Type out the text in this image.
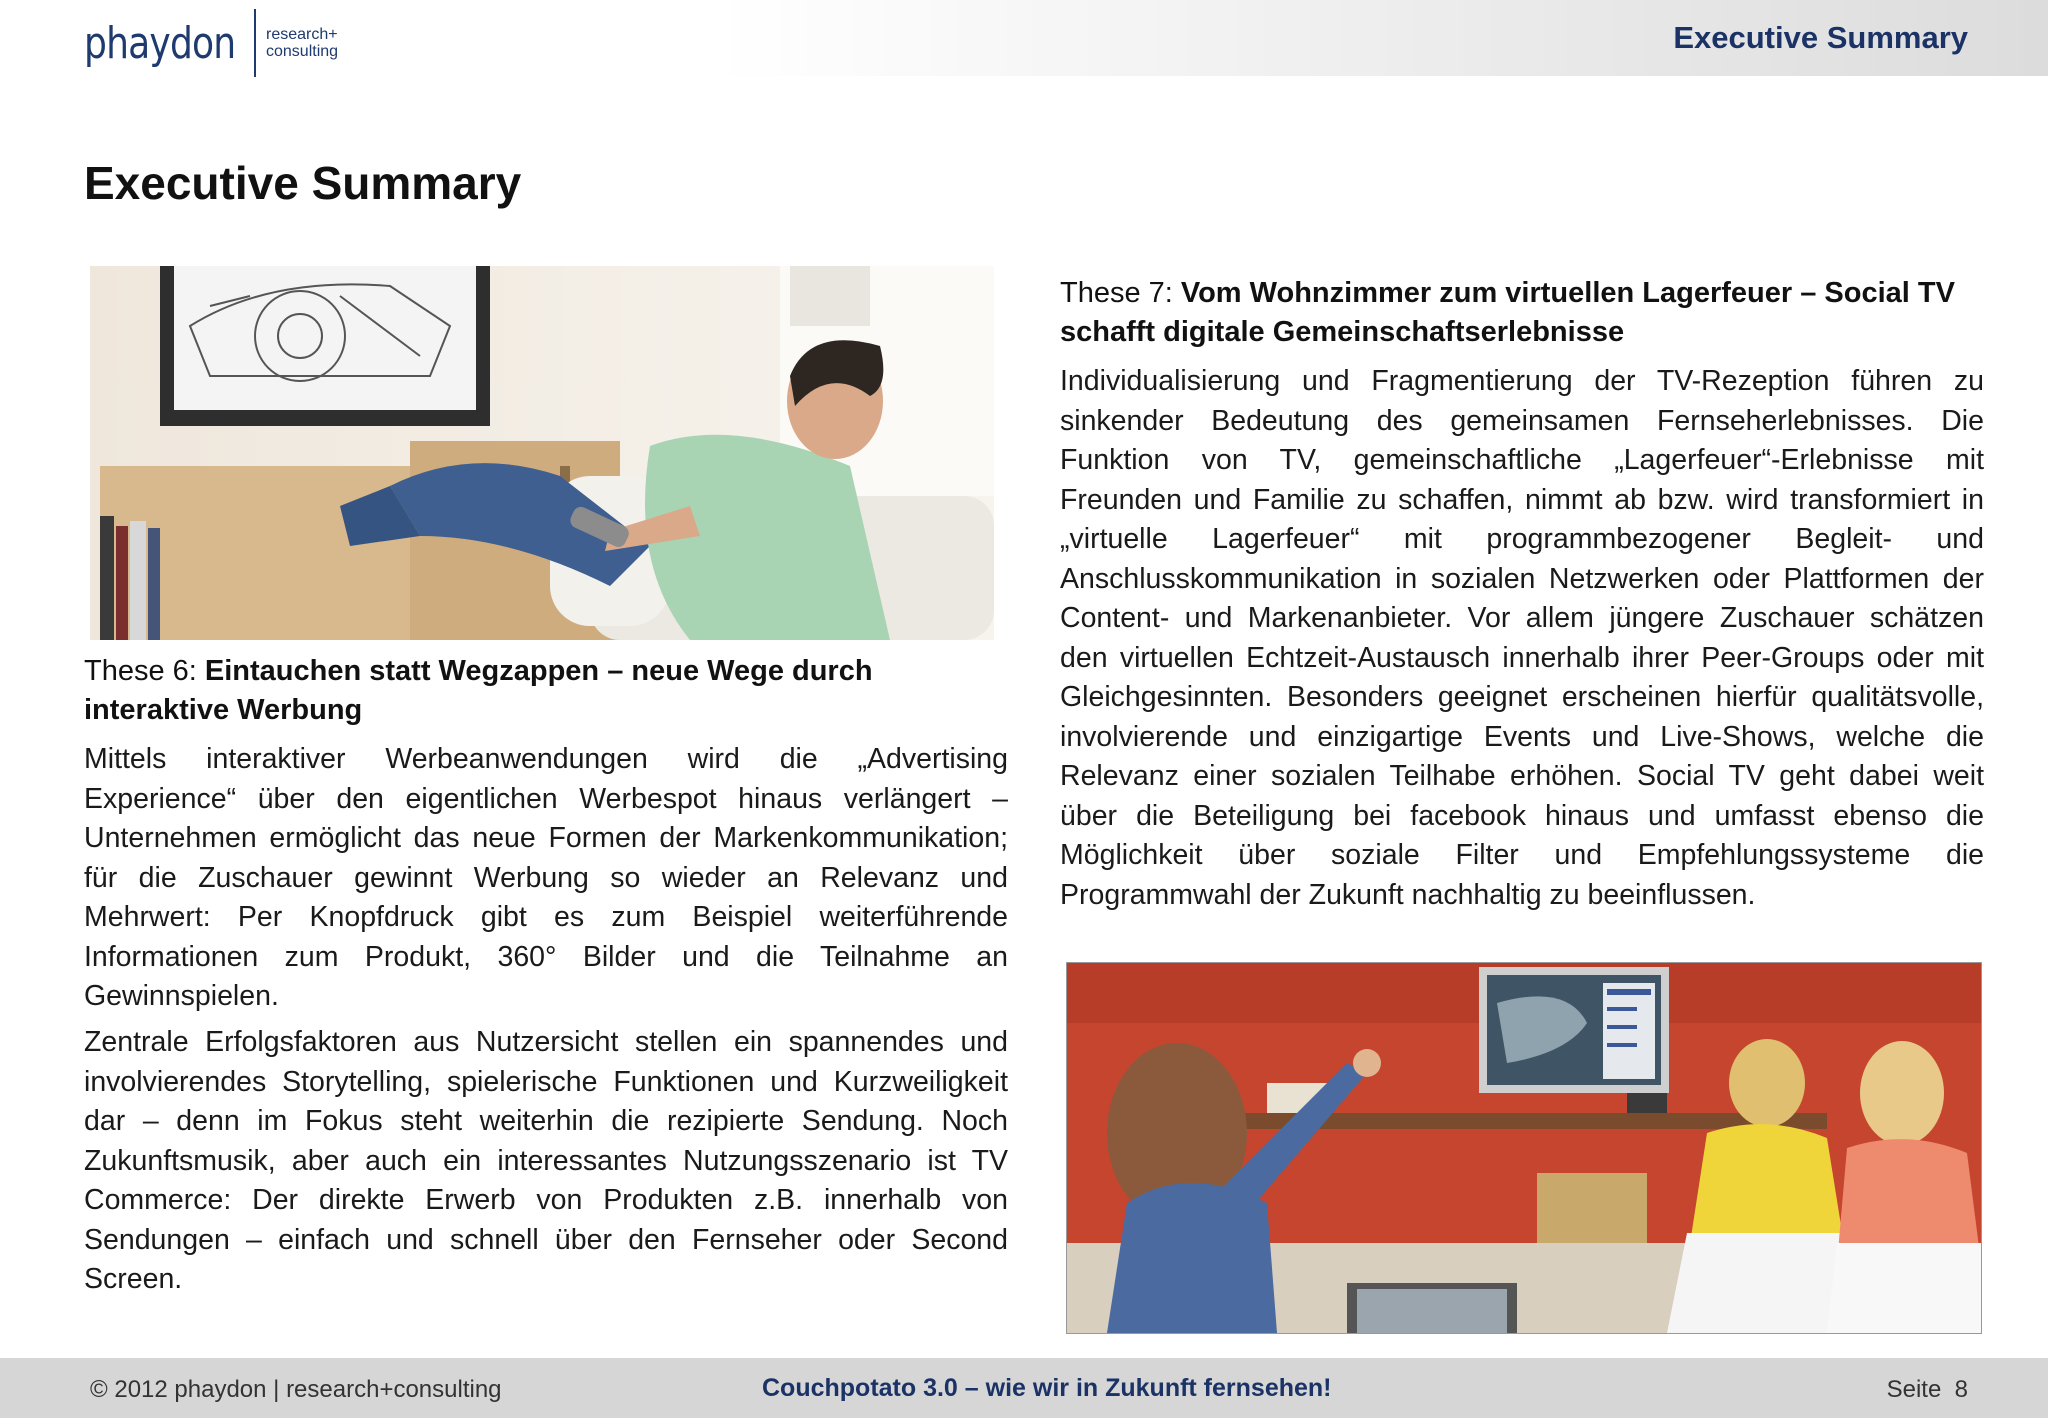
phaydon research+
consulting	Executive Summary
Executive Summary

These 6: Eintauchen statt Wegzappen – neue Wege durch interaktive Werbung

Mittels interaktiver Werbeanwendungen wird die „Advertising Experience“ über den eigentlichen Werbespot hinaus verlängert – Unternehmen ermöglicht das neue Formen der Markenkommunikation; für die Zuschauer gewinnt Werbung so wieder an Relevanz und Mehrwert: Per Knopfdruck gibt es zum Beispiel weiterführende Informationen zum Produkt, 360° Bilder und die Teilnahme an Gewinnspielen.

Zentrale Erfolgsfaktoren aus Nutzersicht stellen ein spannendes und involvierendes Storytelling, spielerische Funktionen und Kurzweiligkeit dar – denn im Fokus steht weiterhin die rezipierte Sendung. Noch Zukunftsmusik, aber auch ein interessantes Nutzungsszenario ist TV Commerce: Der direkte Erwerb von Produkten z.B. innerhalb von Sendungen – einfach und schnell über den Fernseher oder Second Screen.

These 7: Vom Wohnzimmer zum virtuellen Lagerfeuer – Social TV schafft digitale Gemeinschaftserlebnisse

Individualisierung und Fragmentierung der TV-Rezeption führen zu sinkender Bedeutung des gemeinsamen Fernseherlebnisses. Die Funktion von TV, gemeinschaftliche „Lagerfeuer“-Erlebnisse mit Freunden und Familie zu schaffen, nimmt ab bzw. wird transformiert in „virtuelle Lagerfeuer“ mit programmbezogener Begleit- und Anschlusskommunikation in sozialen Netzwerken oder Plattformen der Content- und Markenanbieter. Vor allem jüngere Zuschauer schätzen den virtuellen Echtzeit-Austausch innerhalb ihrer Peer-Groups oder mit Gleichgesinnten. Besonders geeignet erscheinen hierfür qualitätsvolle, involvierende und einzigartige Events und Live-Shows, welche die Relevanz einer sozialen Teilhabe erhöhen. Social TV geht dabei weit über die Beteiligung bei facebook hinaus und umfasst ebenso die Möglichkeit über soziale Filter und Empfehlungssysteme die Programmwahl der Zukunft nachhaltig zu beeinflussen.

© 2012 phaydon | research+consulting	Couchpotato 3.0 – wie wir in Zukunft fernsehen!	Seite  8
